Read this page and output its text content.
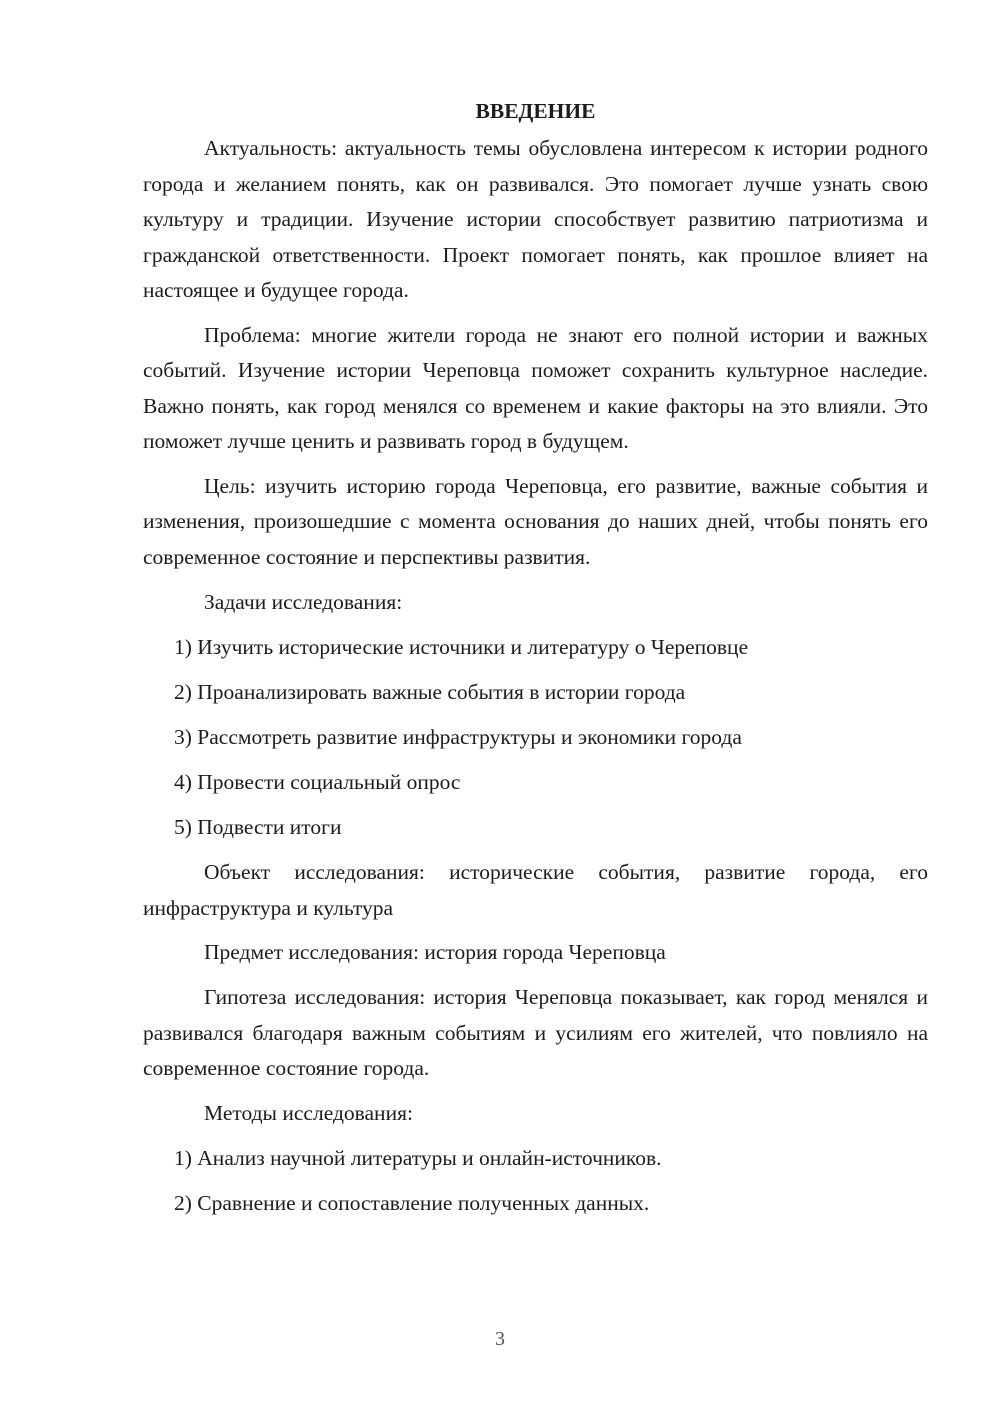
ВВЕДЕНИЕ

Актуальность: актуальность темы обусловлена интересом к истории родного города и желанием понять, как он развивался. Это помогает лучше узнать свою культуру и традиции. Изучение истории способствует развитию патриотизма и гражданской ответственности. Проект помогает понять, как прошлое влияет на настоящее и будущее города.

Проблема: многие жители города не знают его полной истории и важных событий. Изучение истории Череповца поможет сохранить культурное наследие. Важно понять, как город менялся со временем и какие факторы на это влияли. Это поможет лучше ценить и развивать город в будущем.

Цель: изучить историю города Череповца, его развитие, важные события и изменения, произошедшие с момента основания до наших дней, чтобы понять его современное состояние и перспективы развития.

Задачи исследования:

1) Изучить исторические источники и литературу о Череповце

2) Проанализировать важные события в истории города

3) Рассмотреть развитие инфраструктуры и экономики города

4) Провести социальный опрос

5) Подвести итоги

Объект исследования: исторические события, развитие города, его инфраструктура и культура

Предмет исследования: история города Череповца

Гипотеза исследования: история Череповца показывает, как город менялся и развивался благодаря важным событиям и усилиям его жителей, что повлияло на современное состояние города.

Методы исследования:

1) Анализ научной литературы и онлайн-источников.

2) Сравнение и сопоставление полученных данных.

3
